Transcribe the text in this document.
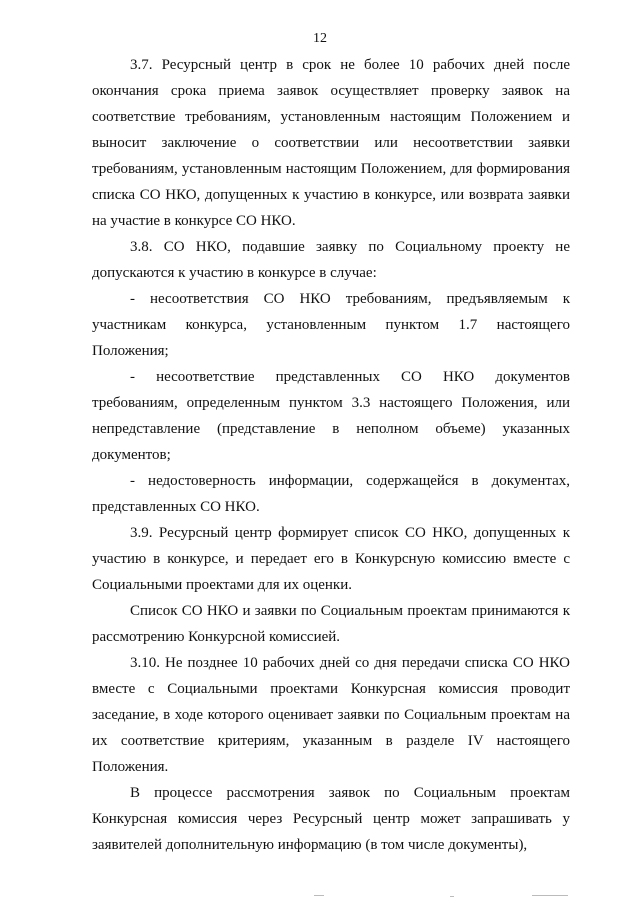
12

3.7. Ресурсный центр в срок не более 10 рабочих дней после окончания срока приема заявок осуществляет проверку заявок на соответствие требованиям, установленным настоящим Положением и выносит заключение о соответствии или несоответствии заявки требованиям, установленным настоящим Положением, для формирования списка СО НКО, допущенных к участию в конкурсе, или возврата заявки на участие в конкурсе СО НКО.

3.8. СО НКО, подавшие заявку по Социальному проекту не допускаются к участию в конкурсе в случае:

- несоответствия СО НКО требованиям, предъявляемым к участникам конкурса, установленным пунктом 1.7 настоящего Положения;

- несоответствие представленных СО НКО документов требованиям, определенным пунктом 3.3 настоящего Положения, или непредставление (представление в неполном объеме) указанных документов;

- недостоверность информации, содержащейся в документах, представленных СО НКО.

3.9. Ресурсный центр формирует список СО НКО, допущенных к участию в конкурсе, и передает его в Конкурсную комиссию вместе с Социальными проектами для их оценки.

Список СО НКО и заявки по Социальным проектам принимаются к рассмотрению Конкурсной комиссией.

3.10. Не позднее 10 рабочих дней со дня передачи списка СО НКО вместе с Социальными проектами Конкурсная комиссия проводит заседание, в ходе которого оценивает заявки по Социальным проектам на их соответствие критериям, указанным в разделе IV настоящего Положения.

В процессе рассмотрения заявок по Социальным проектам Конкурсная комиссия через Ресурсный центр может запрашивать у заявителей дополнительную информацию (в том числе документы),
